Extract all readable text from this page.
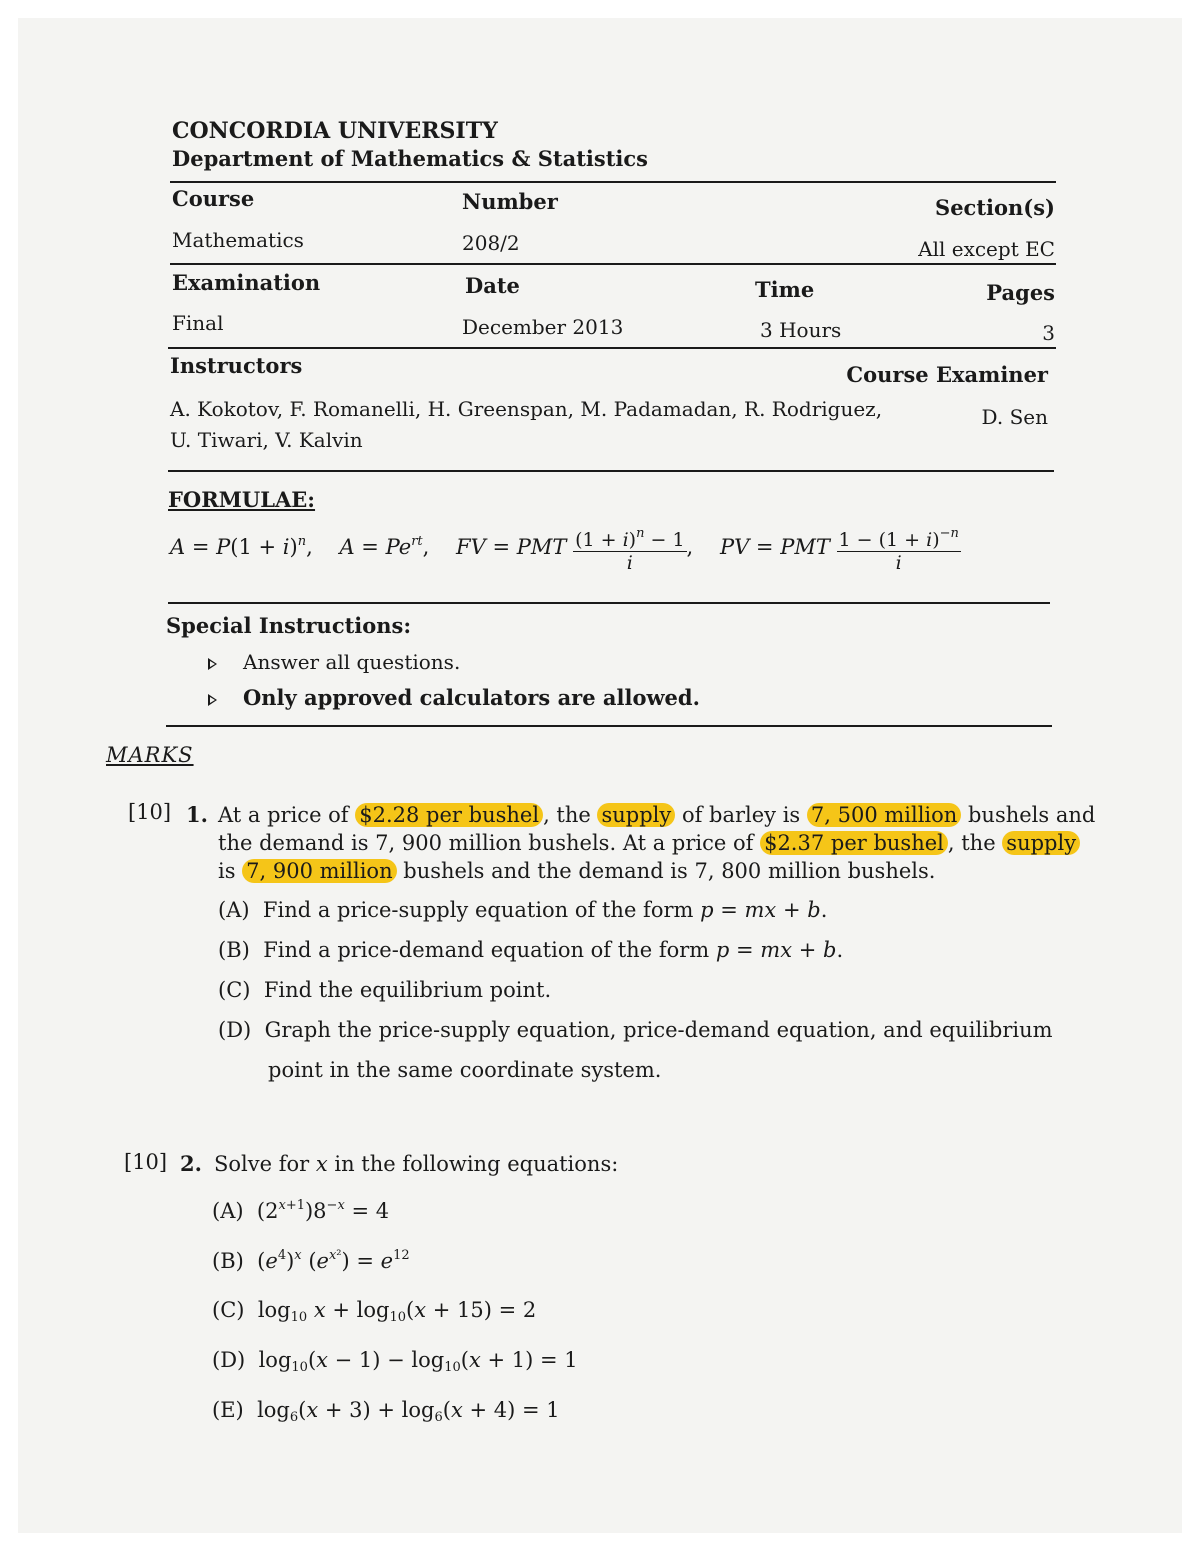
CONCORDIA UNIVERSITY
Department of Mathematics & Statistics
Course
Mathematics
Number
208/2
Section(s)
All except EC
Examination
Final
Date
December 2013
Time
3 Hours
Pages
3
Instructors	Course Examiner
A. Kokotov, F. Romanelli, H. Greenspan, M. Padamadan, R. Rodriguez,
U. Tiwari, V. Kalvin
D. Sen
FORMULAE:
$A = P(1 + i)^n$,    $A = Pe^{rt}$,    FV = PMT $\frac{(1 + i)^n - 1}{i}$ ,    PV = PMT $\frac{1 - (1 + i)^{-n}}{i}$
Special Instructions:
Answer all questions.
Only approved calculators are allowed.
MARKS
[10] 1. At a price of $2.28 per bushel , the supply of barley is 7, 500 million bushels and
the demand is 7, 900 million bushels. At a price of $2.37 per bushel , the supply
is 7, 900 million bushels and the demand is 7, 800 million bushels.
(A) Find a price-supply equation of the form p = mx + b.
(B) Find a price-demand equation of the form p = mx + b.
(C) Find the equilibrium point.
(D) Graph the price-supply equation, price-demand equation, and equilibrium
point in the same coordinate system.
[10] 2. Solve for x in the following equations:
(A)  $(2^{x+1})8^{-x} = 4$
(B)  $(e^4)^x$ $(e^{x^2}) = e^{12}$
(C)  $\log_{10} x + \log_{10}(x + 15) = 2$
(D)  $\log_{10}(x - 1) - \log_{10}(x + 1) = 1$
(E)  $\log_6(x + 3) + \log_6(x + 4) = 1$
